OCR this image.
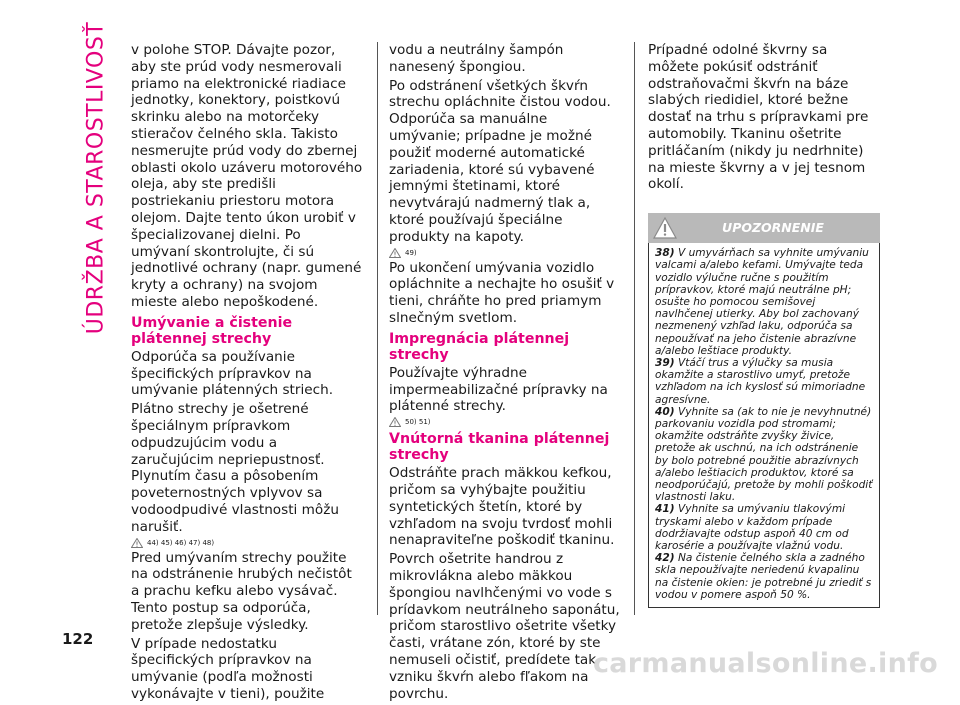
ÚDRŽBA A STAROSTLIVOSŤ v polohe STOP. Dávajte pozor, aby ste prúd vody nesmerovali priamo na elektronické riadiace jednotky, konektory, poistkovú skrinku alebo na motorčeky stieračov čelného skla. Takisto nesmerujte prúd vody do zbernej oblasti okolo uzáveru motorového oleja, aby ste predišli postriekaniu priestoru motora olejom. Dajte tento úkon urobiť v špecializovanej dielni. Po umývaní skontrolujte, či sú jednotlivé ochrany (napr. gumené kryty a ochrany) na svojom mieste alebo nepoškodené.

Umývanie a čistenie plátennej strechy

Odporúča sa používanie špecifických prípravkov na umývanie plátenných striech.

Plátno strechy je ošetrené špeciálnym prípravkom odpudzujúcim vodu a zaručujúcim nepriepustnosť. Plynutím času a pôsobením poveternostných vplyvov sa vodoodpudivé vlastnosti môžu narušiť.

44) 45) 46) 47) 48)

Pred umývaním strechy použite na odstránenie hrubých nečistôt a prachu kefku alebo vysávač. Tento postup sa odporúča, pretože zlepšuje výsledky.

V prípade nedostatku špecifických prípravkov na umývanie (podľa možnosti vykonávajte v tieni), použite

vodu a neutrálny šampón nanesený špongiou.

Po odstránení všetkých škvŕn strechu opláchnite čistou vodou. Odporúča sa manuálne umývanie; prípadne je možné použiť moderné automatické zariadenia, ktoré sú vybavené jemnými štetinami, ktoré nevytvárajú nadmerný tlak a, ktoré používajú špeciálne produkty na kapoty.

49)

Po ukončení umývania vozidlo opláchnite a nechajte ho osušiť v tieni, chráňte ho pred priamym slnečným svetlom.

Impregnácia plátennej strechy

Používajte výhradne impermeabilizačné prípravky na plátenné strechy.

50) 51)
Vnútorná tkanina plátennej strechy

Odstráňte prach mäkkou kefkou, pričom sa vyhýbajte použitiu syntetických štetín, ktoré by vzhľadom na svoju tvrdosť mohli nenapraviteľne poškodiť tkaninu.

Povrch ošetrite handrou z mikrovlákna alebo mäkkou špongiou navlhčenými vo vode s prídavkom neutrálneho saponátu, pričom starostlivo ošetrite všetky časti, vrátane zón, ktoré by ste nemuseli očistiť, predídete tak vzniku škvŕn alebo fľakom na povrchu.

Prípadné odolné škvrny sa môžete pokúsiť odstrániť odstraňovačmi škvŕn na báze slabých riedidiel, ktoré bežne dostať na trhu s prípravkami pre automobily. Tkaninu ošetrite pritláčaním (nikdy ju nedrhnite) na mieste škvrny a v jej tesnom okolí.

UPOZORNENIE

38) V umyvárňach sa vyhnite umývaniu valcami a/alebo kefami. Umývajte teda vozidlo výlučne ručne s použitím prípravkov, ktoré majú neutrálne pH; osušte ho pomocou semišovej navlhčenej utierky. Aby bol zachovaný nezmenený vzhľad laku, odporúča sa nepoužívať na jeho čistenie abrazívne a/alebo leštiace produkty.

39) Vtáčí trus a výlučky sa musia okamžite a starostlivo umyť, pretože vzhľadom na ich kyslosť sú mimoriadne agresívne.

40) Vyhnite sa (ak to nie je nevyhnutné) parkovaniu vozidla pod stromami; okamžite odstráňte zvyšky živice, pretože ak uschnú, na ich odstránenie by bolo potrebné použitie abrazívnych a/alebo leštiacich produktov, ktoré sa neodporúčajú, pretože by mohli poškodiť vlastnosti laku.

41) Vyhnite sa umývaniu tlakovými tryskami alebo v každom prípade dodržiavajte odstup aspoň 40 cm od karosérie a používajte vlažnú vodu.

42) Na čistenie čelného skla a zadného skla nepoužívajte neriedenú kvapalinu na čistenie okien: je potrebné ju zriediť s vodou v pomere aspoň 50 %.

122
carmanualsonline.info
